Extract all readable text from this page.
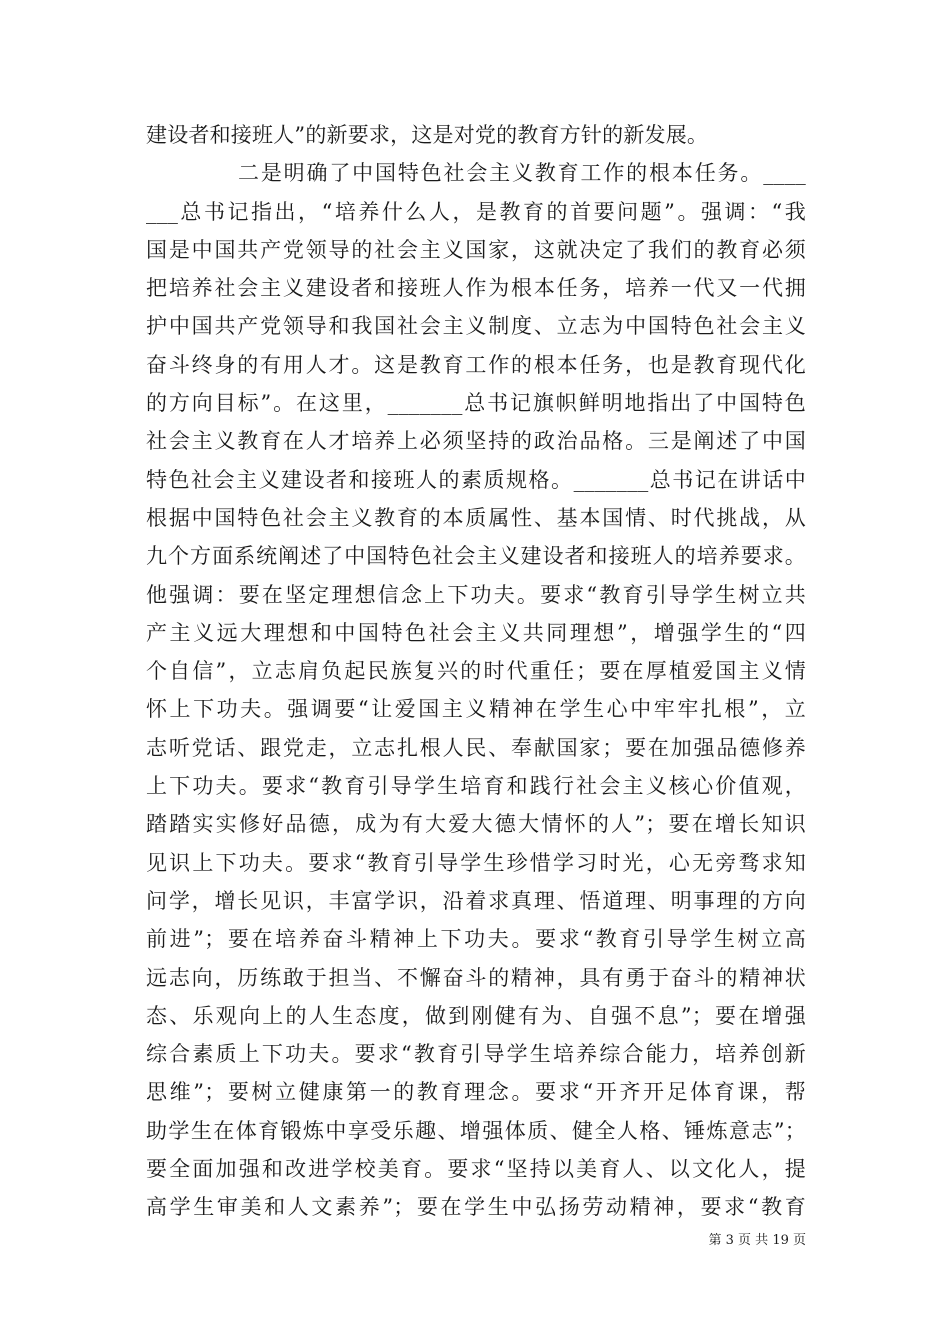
建设者和接班人”的新要求，这是对党的教育方针的新发展。
二是明确了中国特色社会主义教育工作的根本任务。____
___总书记指出，“培养什么人，是教育的首要问题”。强调：“我
国是中国共产党领导的社会主义国家，这就决定了我们的教育必须
把培养社会主义建设者和接班人作为根本任务，培养一代又一代拥
护中国共产党领导和我国社会主义制度、立志为中国特色社会主义
奋斗终身的有用人才。这是教育工作的根本任务，也是教育现代化
的方向目标”。在这里，_______总书记旗帜鲜明地指出了中国特色
社会主义教育在人才培养上必须坚持的政治品格。三是阐述了中国
特色社会主义建设者和接班人的素质规格。_______总书记在讲话中
根据中国特色社会主义教育的本质属性、基本国情、时代挑战，从
九个方面系统阐述了中国特色社会主义建设者和接班人的培养要求。
他强调：要在坚定理想信念上下功夫。要求“教育引导学生树立共
产主义远大理想和中国特色社会主义共同理想”，增强学生的“四
个自信”，立志肩负起民族复兴的时代重任；要在厚植爱国主义情
怀上下功夫。强调要“让爱国主义精神在学生心中牢牢扎根”，立
志听党话、跟党走，立志扎根人民、奉献国家；要在加强品德修养
上下功夫。要求“教育引导学生培育和践行社会主义核心价值观，
踏踏实实修好品德，成为有大爱大德大情怀的人”；要在增长知识
见识上下功夫。要求“教育引导学生珍惜学习时光，心无旁骛求知
问学，增长见识，丰富学识，沿着求真理、悟道理、明事理的方向
前进”；要在培养奋斗精神上下功夫。要求“教育引导学生树立高
远志向，历练敢于担当、不懈奋斗的精神，具有勇于奋斗的精神状
态、乐观向上的人生态度，做到刚健有为、自强不息”；要在增强
综合素质上下功夫。要求“教育引导学生培养综合能力，培养创新
思维”；要树立健康第一的教育理念。要求“开齐开足体育课，帮
助学生在体育锻炼中享受乐趣、增强体质、健全人格、锤炼意志”；
要全面加强和改进学校美育。要求“坚持以美育人、以文化人，提
高学生审美和人文素养”；要在学生中弘扬劳动精神，要求“教育
第 3 页 共 19 页
